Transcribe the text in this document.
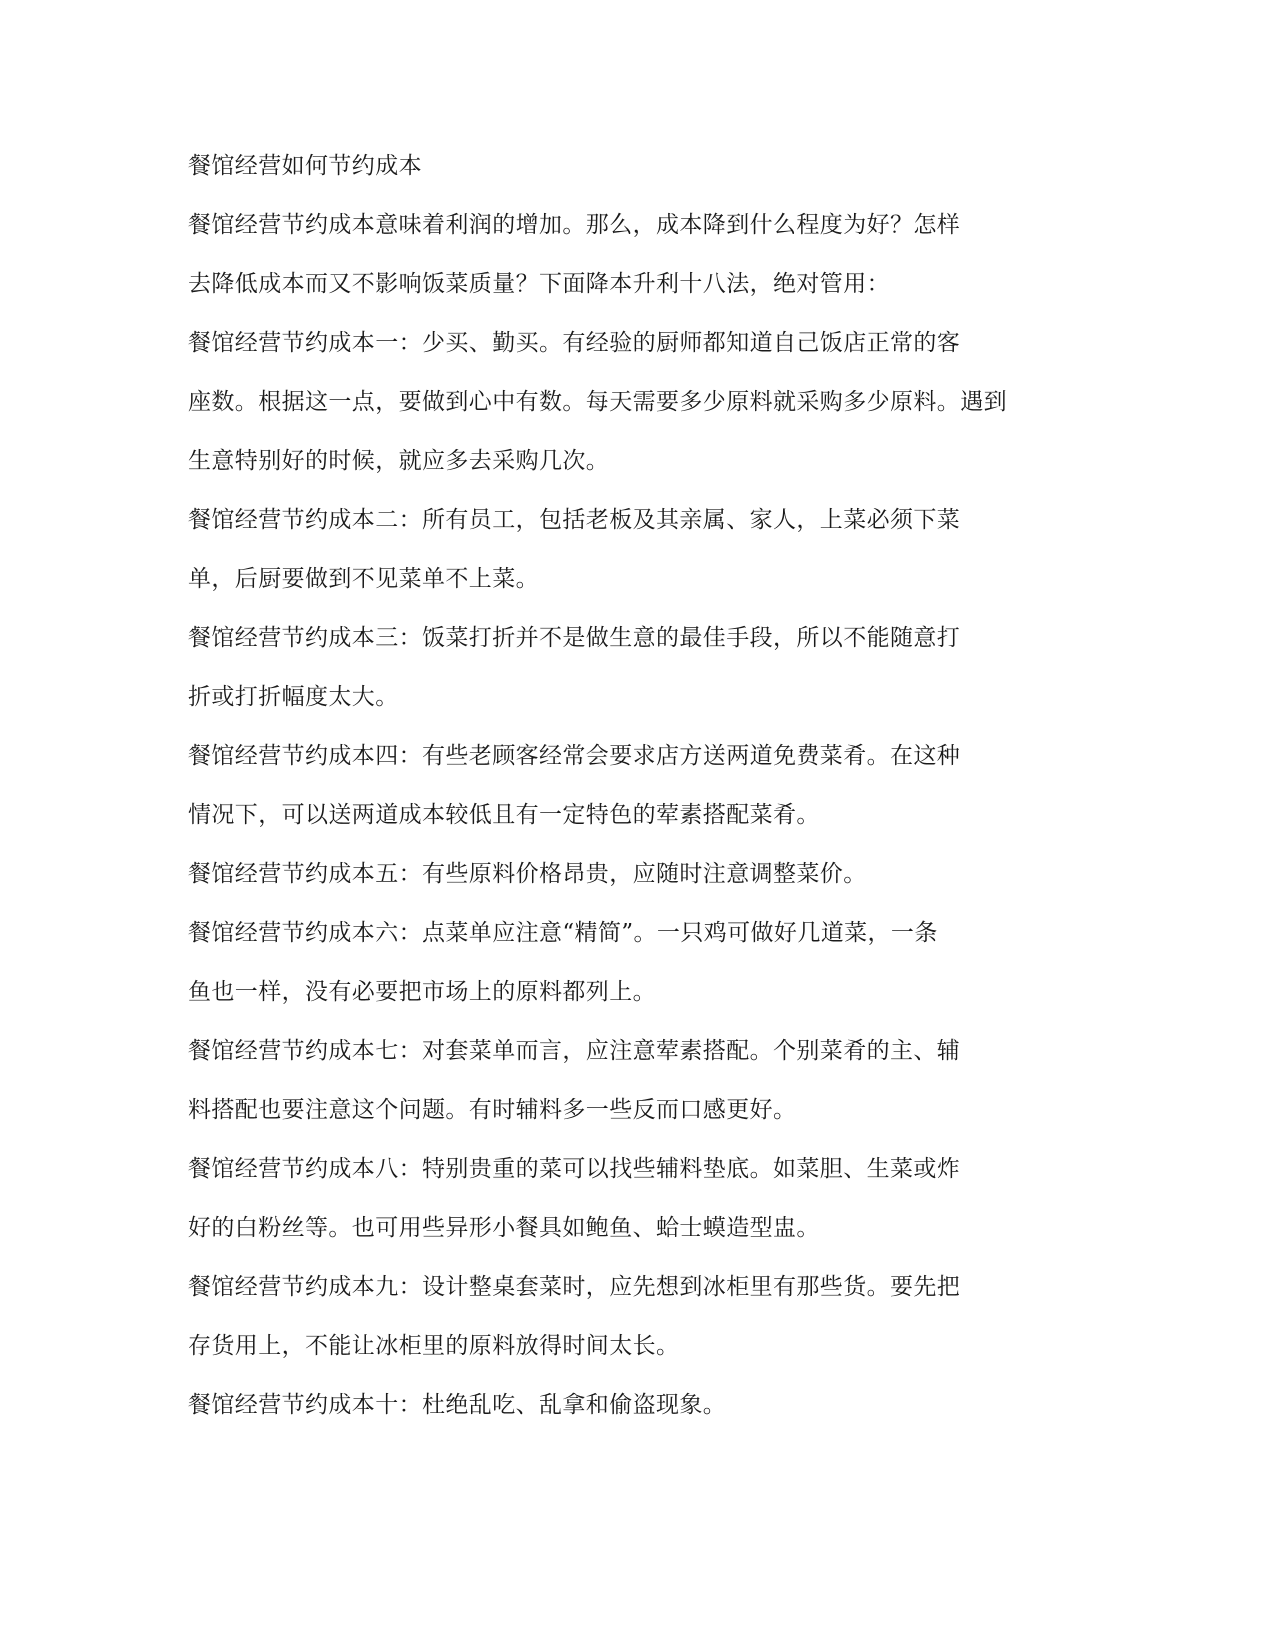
餐馆经营如何节约成本
餐馆经营节约成本意味着利润的增加。那么，成本降到什么程度为好？怎样
去降低成本而又不影响饭菜质量？下面降本升利十八法，绝对管用：
餐馆经营节约成本一：少买、勤买。有经验的厨师都知道自己饭店正常的客
座数。根据这一点，要做到心中有数。每天需要多少原料就采购多少原料。遇到
生意特别好的时候，就应多去采购几次。
餐馆经营节约成本二：所有员工，包括老板及其亲属、家人，上菜必须下菜
单，后厨要做到不见菜单不上菜。
餐馆经营节约成本三：饭菜打折并不是做生意的最佳手段，所以不能随意打
折或打折幅度太大。
餐馆经营节约成本四：有些老顾客经常会要求店方送两道免费菜肴。在这种
情况下，可以送两道成本较低且有一定特色的荤素搭配菜肴。
餐馆经营节约成本五：有些原料价格昂贵，应随时注意调整菜价。
餐馆经营节约成本六：点菜单应注意“精简”。一只鸡可做好几道菜，一条
鱼也一样，没有必要把市场上的原料都列上。
餐馆经营节约成本七：对套菜单而言，应注意荤素搭配。个别菜肴的主、辅
料搭配也要注意这个问题。有时辅料多一些反而口感更好。
餐馆经营节约成本八：特别贵重的菜可以找些辅料垫底。如菜胆、生菜或炸
好的白粉丝等。也可用些异形小餐具如鲍鱼、蛤士蟆造型盅。
餐馆经营节约成本九：设计整桌套菜时，应先想到冰柜里有那些货。要先把
存货用上，不能让冰柜里的原料放得时间太长。
餐馆经营节约成本十：杜绝乱吃、乱拿和偷盗现象。
